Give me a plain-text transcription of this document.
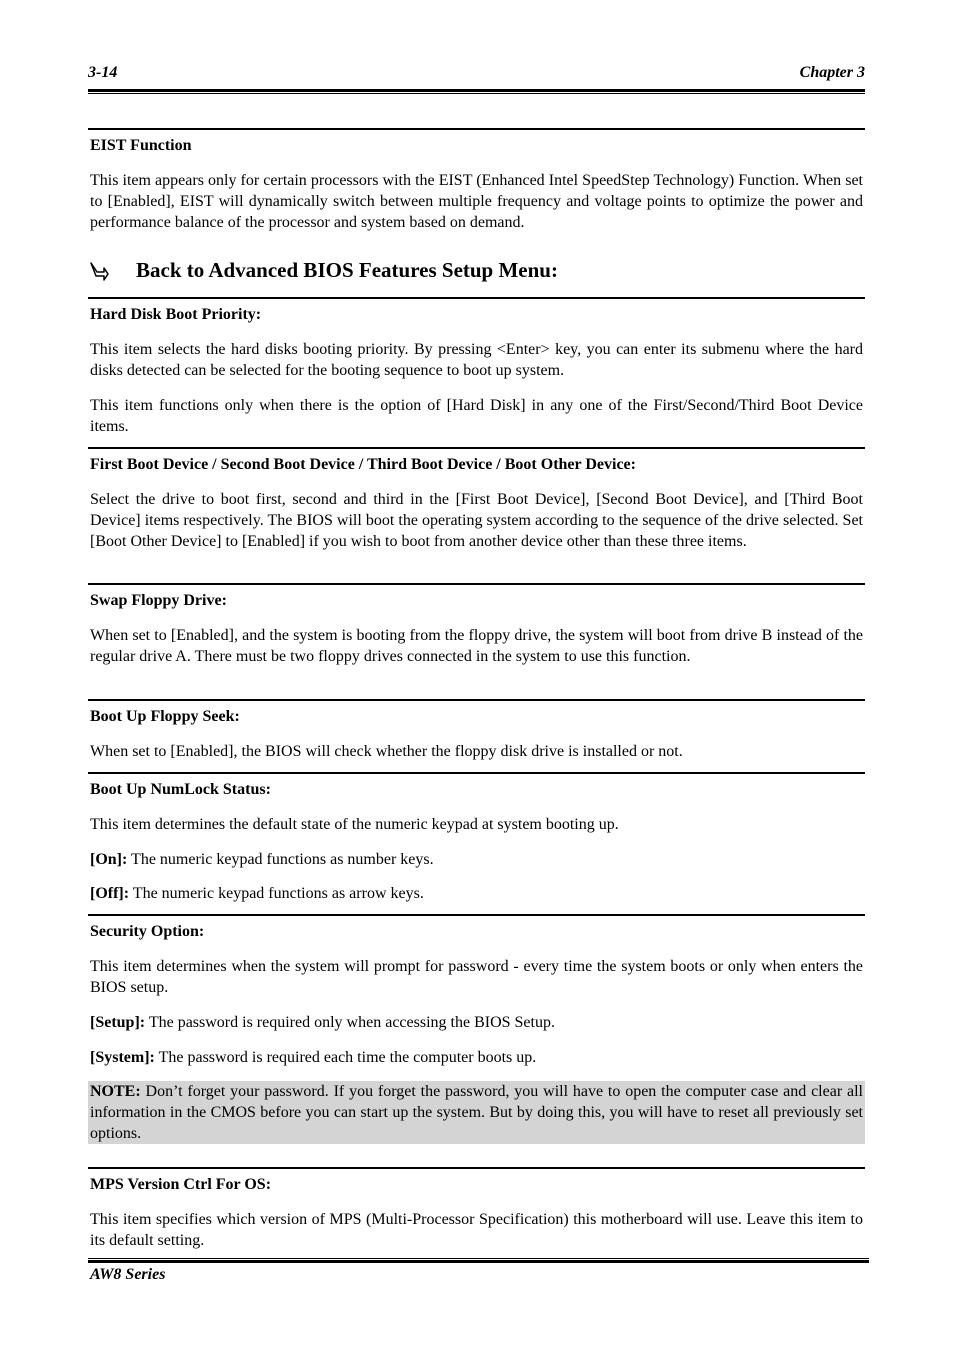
3-14	Chapter 3
EIST Function

This item appears only for certain processors with the EIST (Enhanced Intel SpeedStep Technology) Function. When set to [Enabled], EIST will dynamically switch between multiple frequency and voltage points to optimize the power and performance balance of the processor and system based on demand.

Back to Advanced BIOS Features Setup Menu:
Hard Disk Boot Priority:

This item selects the hard disks booting priority. By pressing <Enter> key, you can enter its submenu where the hard disks detected can be selected for the booting sequence to boot up system.

This item functions only when there is the option of [Hard Disk] in any one of the First/Second/Third Boot Device items.

First Boot Device / Second Boot Device / Third Boot Device / Boot Other Device:

Select the drive to boot first, second and third in the [First Boot Device], [Second Boot Device], and [Third Boot Device] items respectively. The BIOS will boot the operating system according to the sequence of the drive selected. Set [Boot Other Device] to [Enabled] if you wish to boot from another device other than these three items.

Swap Floppy Drive:

When set to [Enabled], and the system is booting from the floppy drive, the system will boot from drive B instead of the regular drive A. There must be two floppy drives connected in the system to use this function.

Boot Up Floppy Seek:

When set to [Enabled], the BIOS will check whether the floppy disk drive is installed or not.

Boot Up NumLock Status:

This item determines the default state of the numeric keypad at system booting up.

[On]: The numeric keypad functions as number keys.

[Off]: The numeric keypad functions as arrow keys.

Security Option:

This item determines when the system will prompt for password - every time the system boots or only when enters the BIOS setup.

[Setup]: The password is required only when accessing the BIOS Setup.

[System]: The password is required each time the computer boots up.

NOTE: Don’t forget your password. If you forget the password, you will have to open the computer case and clear all information in the CMOS before you can start up the system. But by doing this, you will have to reset all previously set options.
MPS Version Ctrl For OS:

This item specifies which version of MPS (Multi-Processor Specification) this motherboard will use. Leave this item to its default setting.

AW8 Series
